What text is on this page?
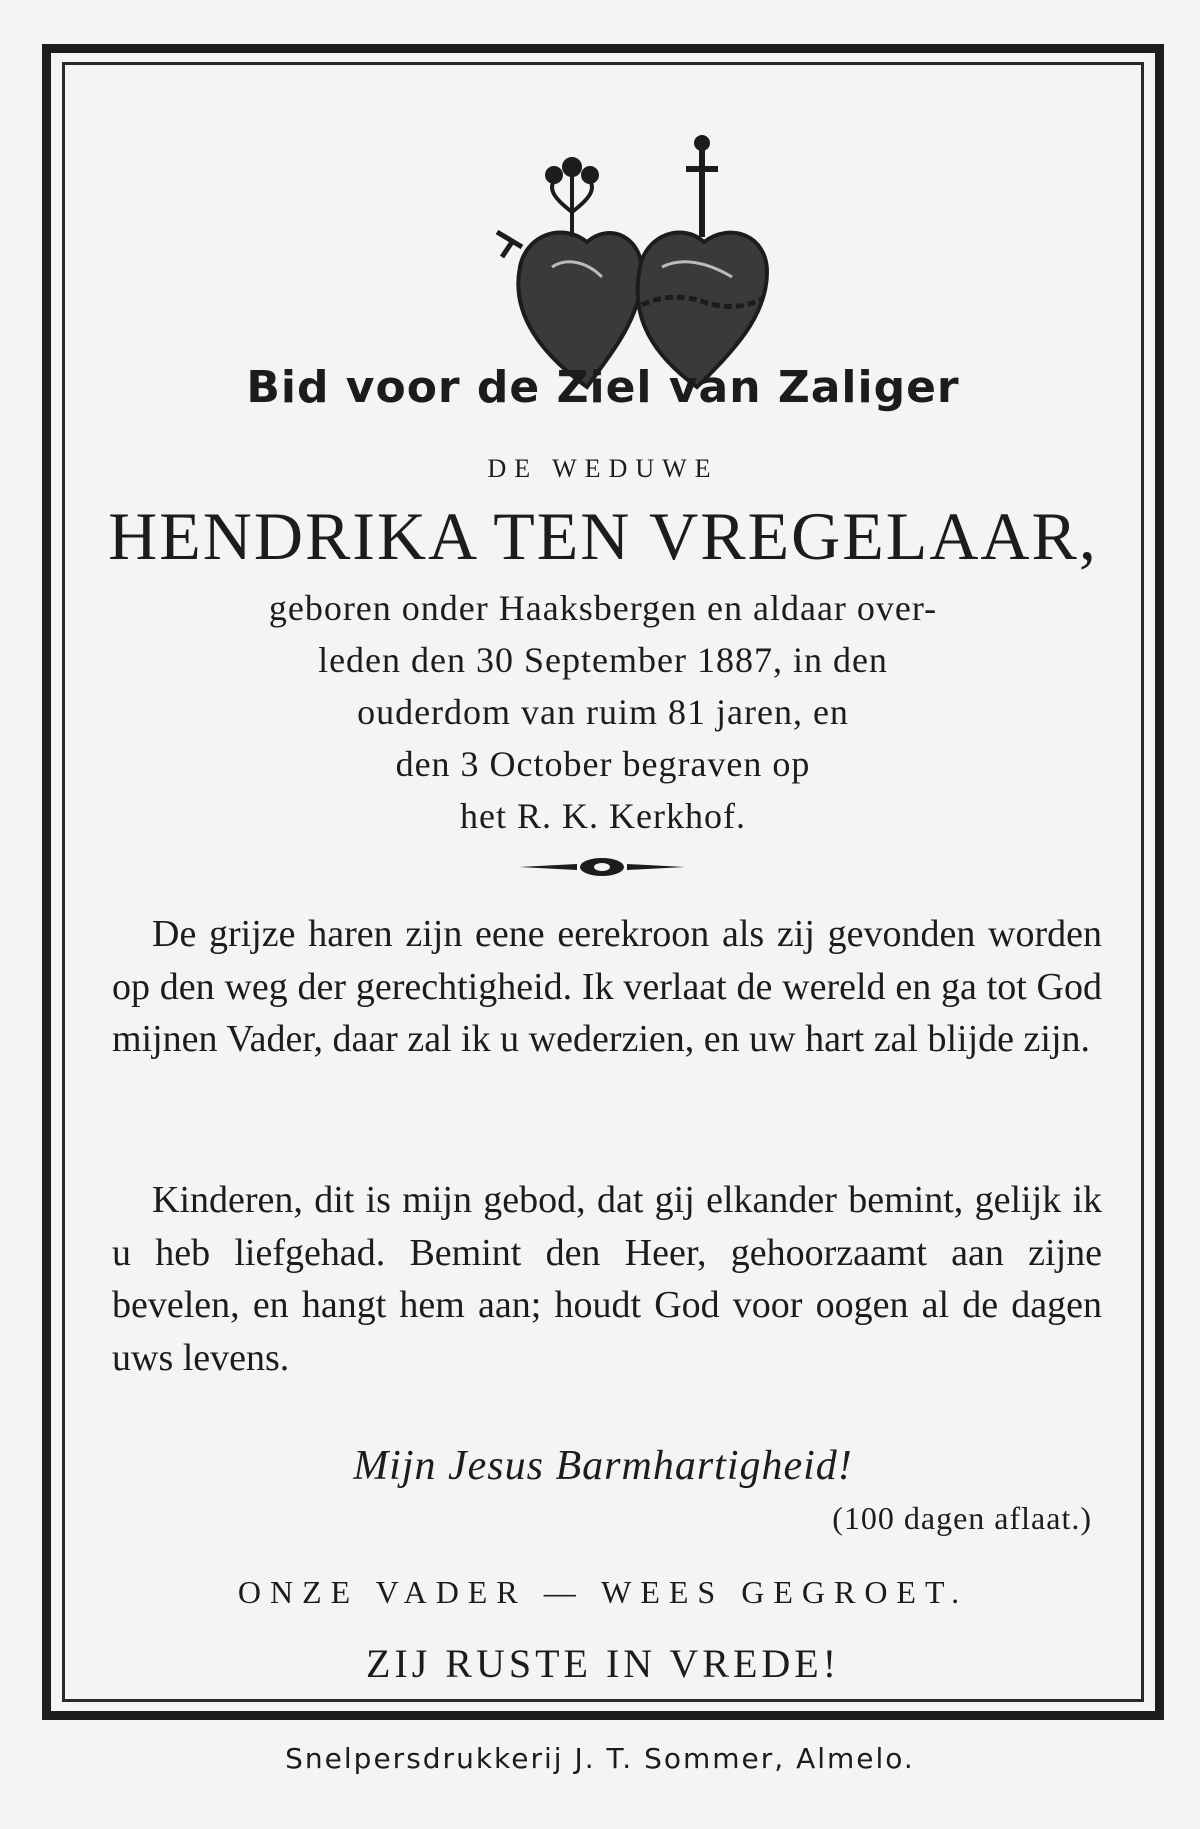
Bid voor de Ziel van Zaliger
DE WEDUWE
HENDRIKA TEN VREGELAAR,
geboren onder Haaksbergen en aldaar over-
leden den 30 September 1887, in den
ouderdom van ruim 81 jaren, en
den 3 October begraven op
het R. K. Kerkhof.

De grijze haren zijn eene eerekroon als zij gevonden worden op den weg der gerechtigheid. Ik verlaat de wereld en ga tot God mijnen Vader, daar zal ik u wederzien, en uw hart zal blijde zijn.

Kinderen, dit is mijn gebod, dat gij elkander bemint, gelijk ik u heb liefgehad. Bemint den Heer, gehoorzaamt aan zijne bevelen, en hangt hem aan; houdt God voor oogen al de dagen uws levens.

Mijn Jesus Barmhartigheid!
(100 dagen aflaat.)
ONZE VADER — WEES GEGROET.
ZIJ RUSTE IN VREDE!
Snelpersdrukkerij J. T. Sommer, Almelo.
